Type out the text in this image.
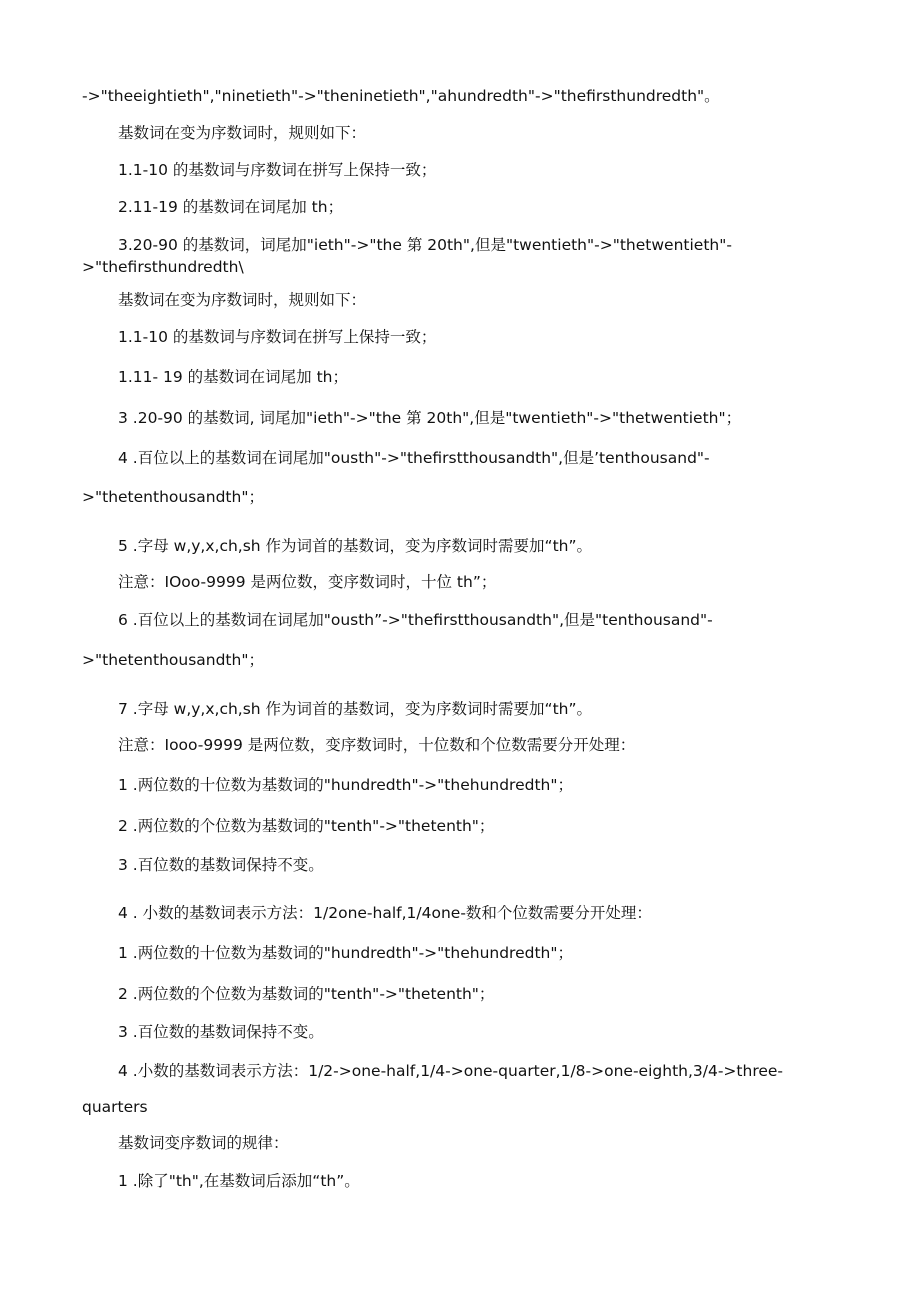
->"theeightieth","ninetieth"->"theninetieth","ahundredth"->"thefirsthundredth"。
基数词在变为序数词时，规则如下：
1.1-10 的基数词与序数词在拼写上保持一致；
2.11-19 的基数词在词尾加 th；
3.20-90 的基数词，词尾加"ieth"->"the 第 20th",但是"twentieth"->"thetwentieth"-
>"thefirsthundredth\
基数词在变为序数词时，规则如下：
1.1-10 的基数词与序数词在拼写上保持一致；
1.11- 19 的基数词在词尾加 th；
3 .20-90 的基数词, 词尾加"ieth"->"the 第 20th",但是"twentieth"->"thetwentieth"；
4 .百位以上的基数词在词尾加"ousth"->"thefirstthousandth",但是’tenthousand"-
>"thetenthousandth"；
5 .字母 w,y,x,ch,sh 作为词首的基数词，变为序数词时需要加“th”。
注意：IOoo-9999 是两位数，变序数词时，十位 th”；
6 .百位以上的基数词在词尾加"ousth”->"thefirstthousandth",但是"tenthousand"-
>"thetenthousandth"；
7 .字母 w,y,x,ch,sh 作为词首的基数词，变为序数词时需要加“th”。
注意：Iooo-9999 是两位数，变序数词时，十位数和个位数需要分开处理：
1 .两位数的十位数为基数词的"hundredth"->"thehundredth"；
2 .两位数的个位数为基数词的"tenth"->"thetenth"；
3 .百位数的基数词保持不变。
4 . 小数的基数词表示方法：1/2one-half,1/4one-数和个位数需要分开处理：
1 .两位数的十位数为基数词的"hundredth"->"thehundredth"；
2 .两位数的个位数为基数词的"tenth"->"thetenth"；
3 .百位数的基数词保持不变。
4 .小数的基数词表示方法：1/2->one-half,1/4->one-quarter,1/8->one-eighth,3/4->three-
quarters
基数词变序数词的规律：
1 .除了"th",在基数词后添加“th”。
